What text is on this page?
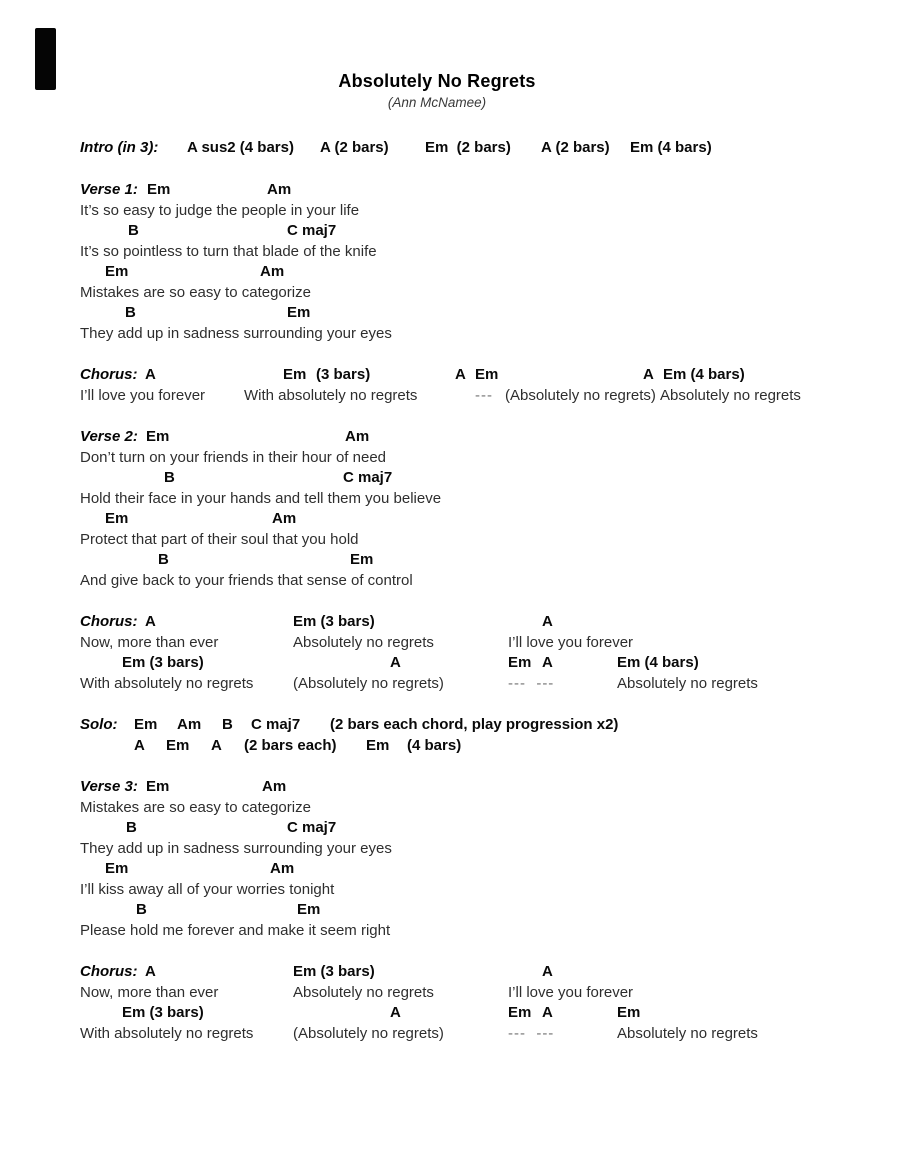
Absolutely No Regrets
(Ann McNamee)
Intro (in 3): A sus2 (4 bars) A (2 bars) Em  (2 bars) A (2 bars) Em (4 bars)
Verse 1: Em	Am
It’s so easy to judge the people in your life
B	C maj7
It’s so pointless to turn that blade of the knife
Em	Am
Mistakes are so easy to categorize
B	Em
They add up in sadness surrounding your eyes
Chorus: A	Em (3 bars)	A Em	A Em (4 bars)
I’ll love you forever	With absolutely no regrets	--- (Absolutely no regrets) Absolutely no regrets
Verse 2: Em	Am
Don’t turn on your friends in their hour of need
B	C maj7
Hold their face in your hands and tell them you believe
Em	Am
Protect that part of their soul that you hold
B	Em
And give back to your friends that sense of control
Chorus: A	Em (3 bars)	A
Now, more than ever	Absolutely no regrets	I’ll love you forever
Em (3 bars)	A	Em A	Em (4 bars)
With absolutely no regrets	(Absolutely no regrets)	---  ---	Absolutely no regrets
Solo: Em Am B C maj7 (2 bars each chord, play progression x2)
A Em A (2 bars each) Em (4 bars)
Verse 3: Em	Am
Mistakes are so easy to categorize
B	C maj7
They add up in sadness surrounding your eyes
Em	Am
I’ll kiss away all of your worries tonight
B	Em
Please hold me forever and make it seem right
Chorus: A	Em (3 bars)	A
Now, more than ever	Absolutely no regrets	I’ll love you forever
Em (3 bars)	A	Em A	Em
With absolutely no regrets	(Absolutely no regrets)	---  ---	Absolutely no regrets
